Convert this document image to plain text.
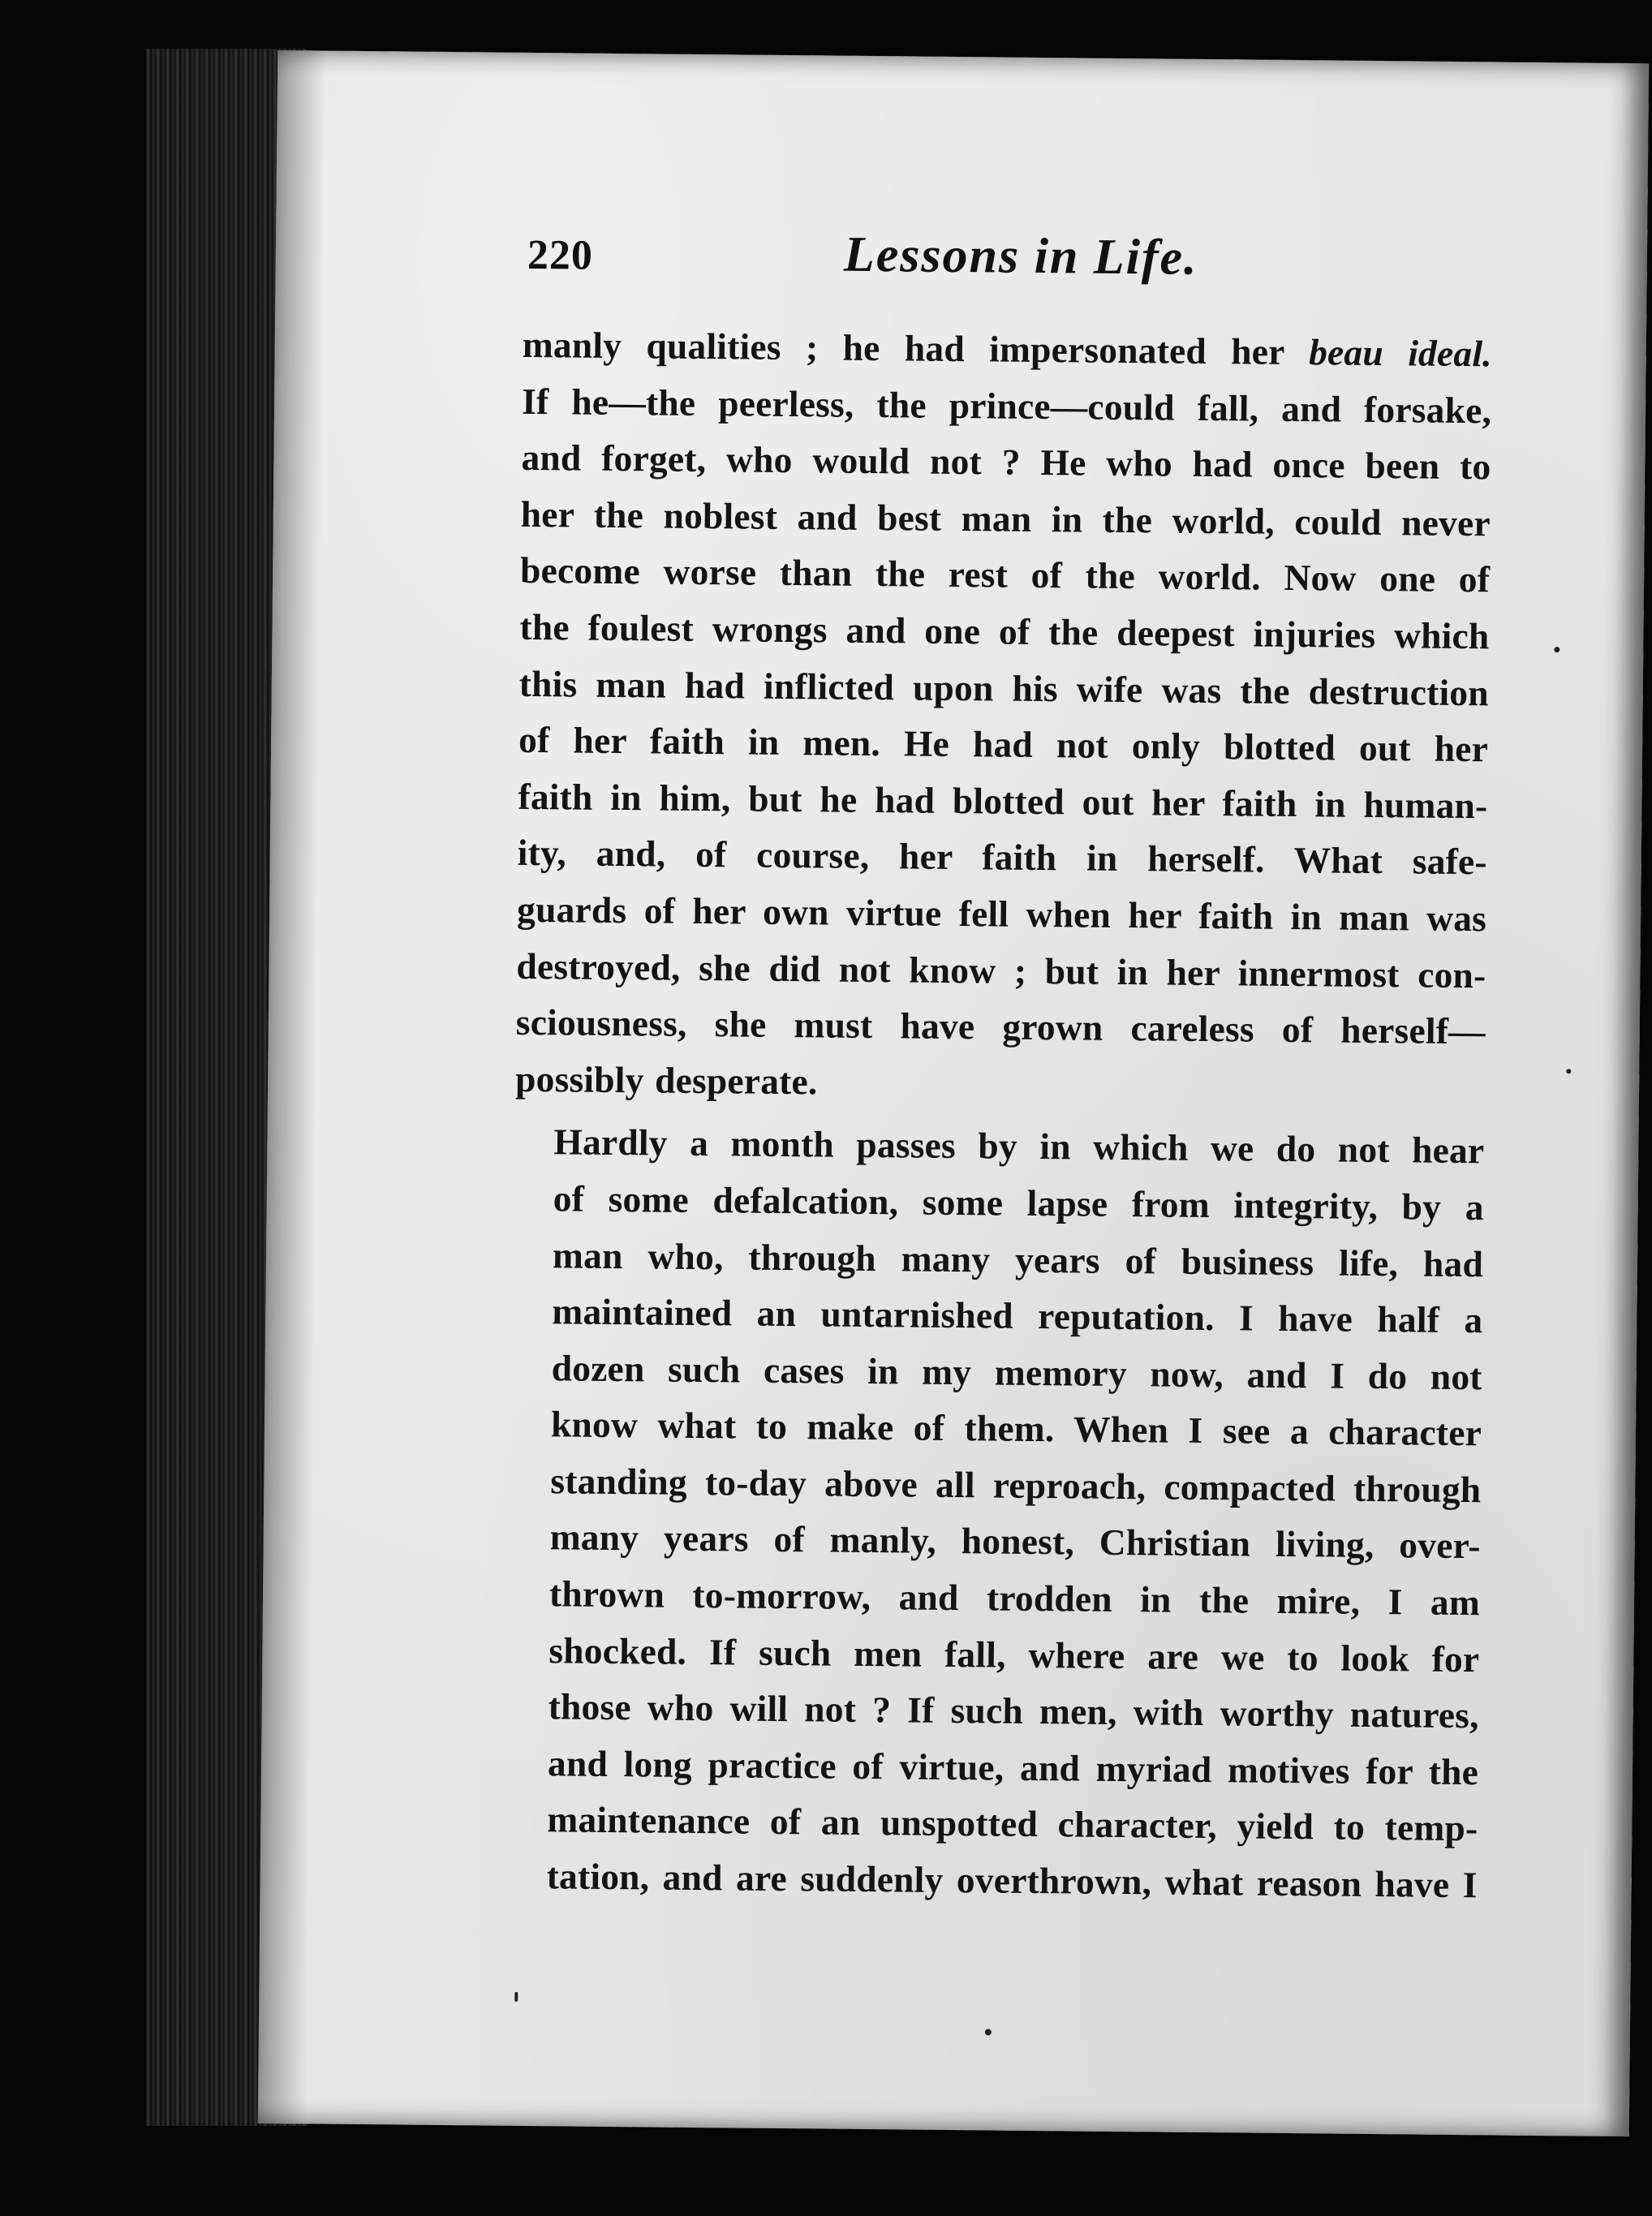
220	Lessons in Life.

manly qualities ; he had impersonated her beau ideal.
If he—the peerless, the prince—could fall, and forsake,
and forget, who would not ? He who had once been to
her the noblest and best man in the world, could never
become worse than the rest of the world. Now one of
the foulest wrongs and one of the deepest injuries which
this man had inflicted upon his wife was the destruction
of her faith in men. He had not only blotted out her
faith in him, but he had blotted out her faith in human-
ity, and, of course, her faith in herself. What safe-
guards of her own virtue fell when her faith in man was
destroyed, she did not know ; but in her innermost con-
sciousness, she must have grown careless of herself—
possibly desperate.

Hardly a month passes by in which we do not hear
of some defalcation, some lapse from integrity, by a
man who, through many years of business life, had
maintained an untarnished reputation. I have half a
dozen such cases in my memory now, and I do not
know what to make of them. When I see a character
standing to-day above all reproach, compacted through
many years of manly, honest, Christian living, over-
thrown to-morrow, and trodden in the mire, I am
shocked. If such men fall, where are we to look for
those who will not ? If such men, with worthy natures,
and long practice of virtue, and myriad motives for the
maintenance of an unspotted character, yield to temp-
tation, and are suddenly overthrown, what reason have I
